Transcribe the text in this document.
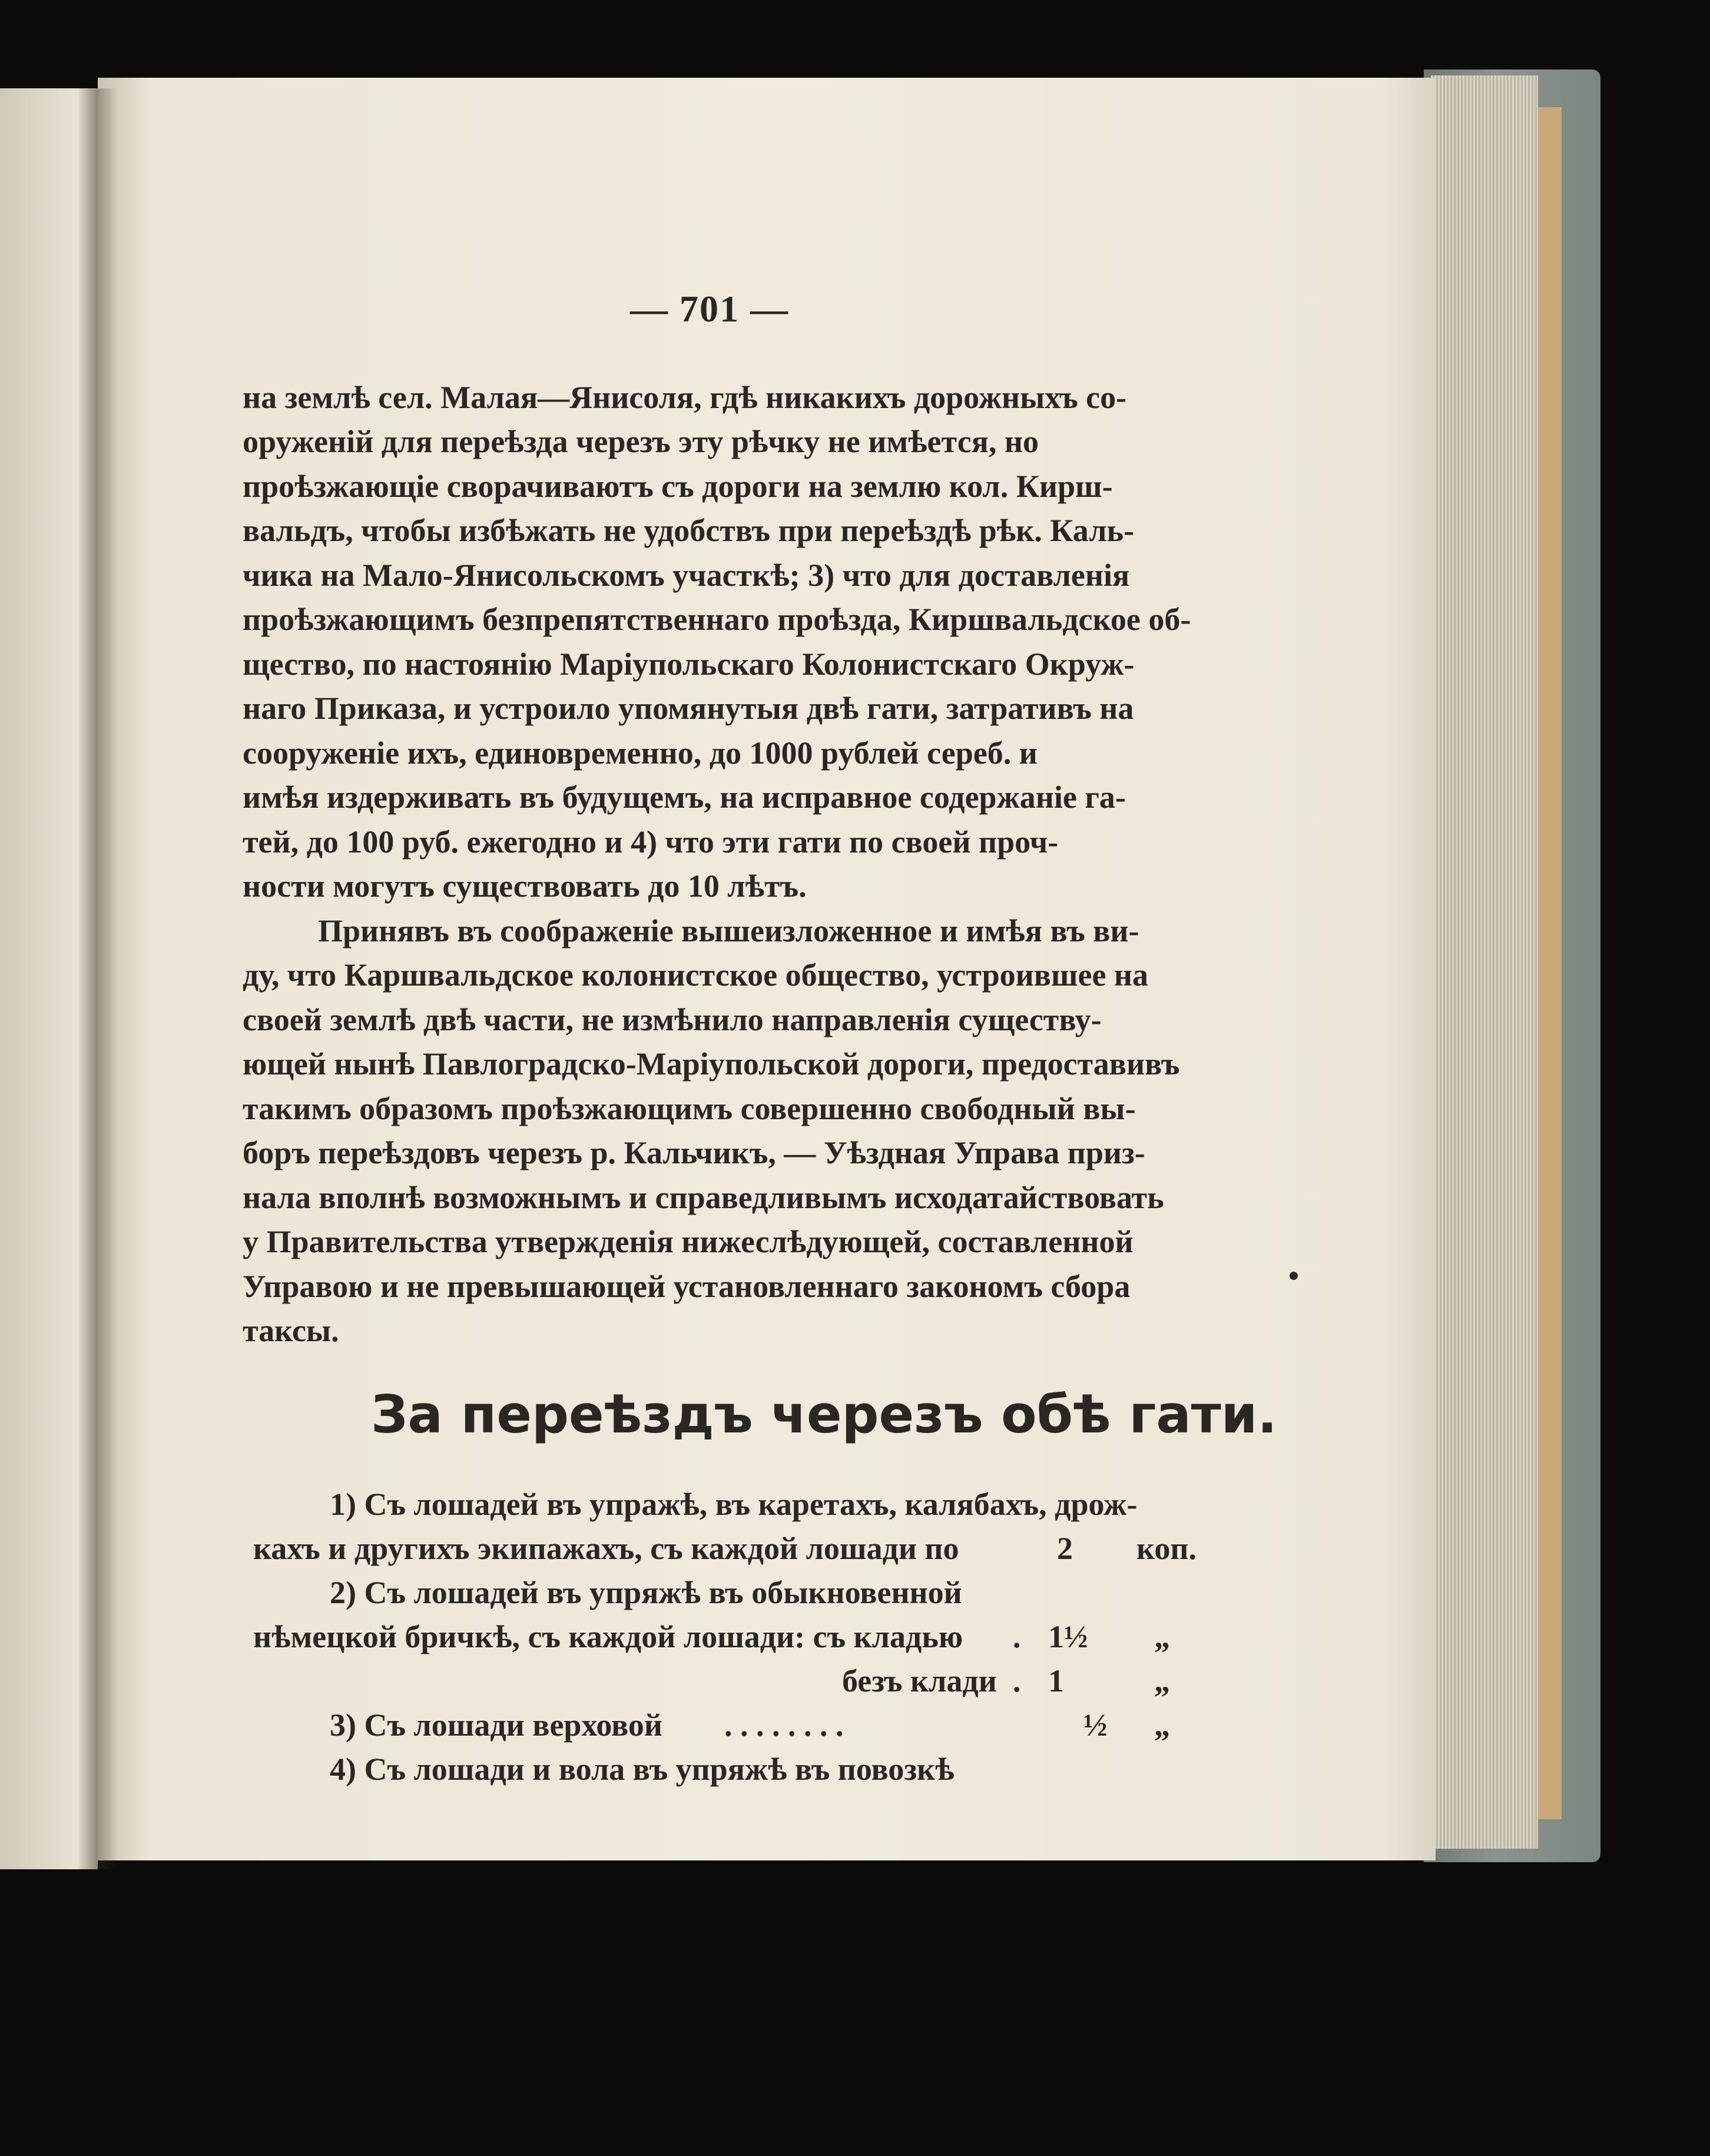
— 701 —
на землѣ сел. Малая—Янисоля, гдѣ никакихъ дорожныхъ со-
оруженій для переѣзда черезъ эту рѣчку не имѣется, но
проѣзжающіе сворачиваютъ съ дороги на землю кол. Кирш-
вальдъ, чтобы избѣжать не удобствъ при переѣздѣ рѣк. Каль-
чика на Мало-Янисольскомъ участкѣ; 3) что для доставленія
проѣзжающимъ безпрепятственнаго проѣзда, Киршвальдское об-
щество, по настоянію Маріупольскаго Колонистскаго Окруж-
наго Приказа, и устроило упомянутыя двѣ гати, затративъ на
сооруженіе ихъ, единовременно, до 1000 рублей сереб. и
имѣя издерживать въ будущемъ, на исправное содержаніе га-
тей, до 100 руб. ежегодно и 4) что эти гати по своей проч-
ности могутъ существовать до 10 лѣтъ.
Принявъ въ соображеніе вышеизложенное и имѣя въ ви-
ду, что Каршвальдское колонистское общество, устроившее на
своей землѣ двѣ части, не измѣнило направленія существу-
ющей нынѣ Павлоградско-Маріупольской дороги, предоставивъ
такимъ образомъ проѣзжающимъ совершенно свободный вы-
боръ переѣздовъ черезъ р. Кальчикъ, — Уѣздная Управа приз-
нала вполнѣ возможнымъ и справедливымъ исходатайствовать
у Правительства утвержденія нижеслѣдующей, составленной
Управою и не превышающей установленнаго закономъ сбора
таксы.
За переѣздъ черезъ обѣ гати.
1) Съ лошадей въ упражѣ, въ каретахъ, калябахъ, дрож-
кахъ и другихъ экипажахъ, съ каждой лошади по	2 коп.
2) Съ лошадей въ упряжѣ въ обыкновенной
нѣмецкой бричкѣ, съ каждой лошади: съ кладью . 1½ „
безъ клади . 1	„
3) Съ лошади верховой . . . . . . . .	½ „
4) Съ лошади и вола въ упряжѣ въ повозкѣ
